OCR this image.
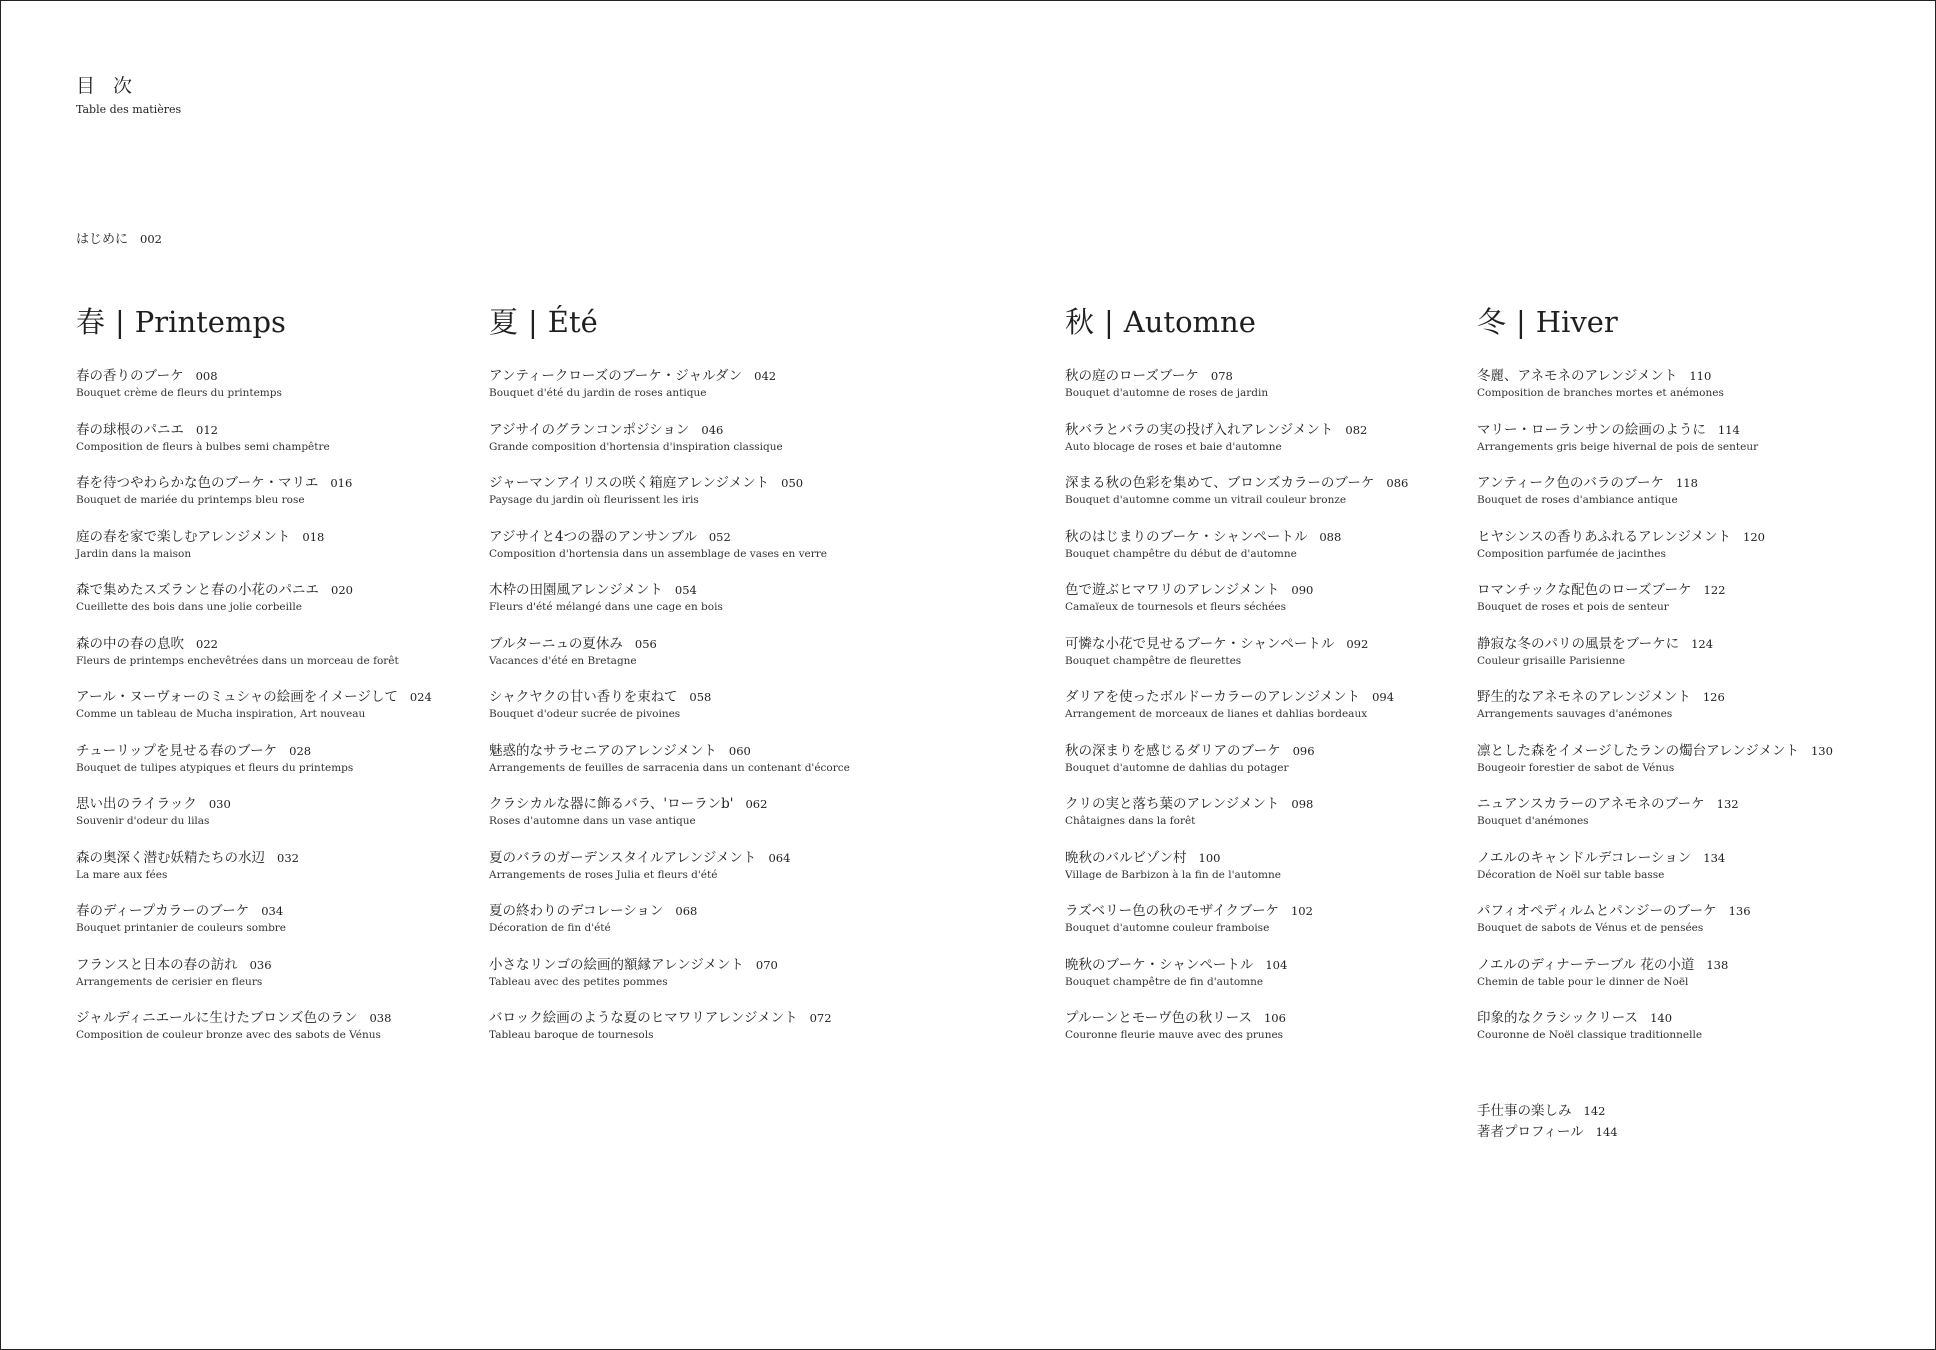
目 次
Table des matières
はじめに 002
春 | Printemps
春の香りのブーケ 008
Bouquet crème de fleurs du printemps
春の球根のパニエ 012
Composition de fleurs à bulbes semi champêtre
春を待つやわらかな色のブーケ・マリエ 016
Bouquet de mariée du printemps bleu rose
庭の春を家で楽しむアレンジメント 018
Jardin dans la maison
森で集めたスズランと春の小花のパニエ 020
Cueillette des bois dans une jolie corbeille
森の中の春の息吹 022
Fleurs de printemps enchevêtrées dans un morceau de forêt
アール・ヌーヴォーのミュシャの絵画をイメージして 024
Comme un tableau de Mucha inspiration, Art nouveau
チューリップを見せる春のブーケ 028
Bouquet de tulipes atypiques et fleurs du printemps
思い出のライラック 030
Souvenir d'odeur du lilas
森の奥深く潜む妖精たちの水辺 032
La mare aux fées
春のディープカラーのブーケ 034
Bouquet printanier de couleurs sombre
フランスと日本の春の訪れ 036
Arrangements de cerisier en fleurs
ジャルディニエールに生けたブロンズ色のラン 038
Composition de couleur bronze avec des sabots de Vénus
夏 | Été
アンティークローズのブーケ・ジャルダン 042
Bouquet d'été du jardin de roses antique
アジサイのグランコンポジション 046
Grande composition d'hortensia d'inspiration classique
ジャーマンアイリスの咲く箱庭アレンジメント 050
Paysage du jardin où fleurissent les iris
アジサイと4つの器のアンサンブル 052
Composition d'hortensia dans un assemblage de vases en verre
木枠の田園風アレンジメント 054
Fleurs d'été mélangé dans une cage en bois
ブルターニュの夏休み 056
Vacances d'été en Bretagne
シャクヤクの甘い香りを束ねて 058
Bouquet d'odeur sucrée de pivoines
魅惑的なサラセニアのアレンジメント 060
Arrangements de feuilles de sarracenia dans un contenant d'écorce
クラシカルな器に飾るバラ、'ローランb' 062
Roses d'automne dans un vase antique
夏のバラのガーデンスタイルアレンジメント 064
Arrangements de roses Julia et fleurs d'été
夏の終わりのデコレーション 068
Décoration de fin d'été
小さなリンゴの絵画的額縁アレンジメント 070
Tableau avec des petites pommes
バロック絵画のような夏のヒマワリアレンジメント 072
Tableau baroque de tournesols
秋 | Automne
秋の庭のローズブーケ 078
Bouquet d'automne de roses de jardin
秋バラとバラの実の投げ入れアレンジメント 082
Auto blocage de roses et baie d'automne
深まる秋の色彩を集めて、ブロンズカラーのブーケ 086
Bouquet d'automne comme un vitrail couleur bronze
秋のはじまりのブーケ・シャンペートル 088
Bouquet champêtre du début de d'automne
色で遊ぶヒマワリのアレンジメント 090
Camaïeux de tournesols et fleurs séchées
可憐な小花で見せるブーケ・シャンペートル 092
Bouquet champêtre de fleurettes
ダリアを使ったボルドーカラーのアレンジメント 094
Arrangement de morceaux de lianes et dahlias bordeaux
秋の深まりを感じるダリアのブーケ 096
Bouquet d'automne de dahlias du potager
クリの実と落ち葉のアレンジメント 098
Châtaignes dans la forêt
晩秋のバルビゾン村 100
Village de Barbizon à la fin de l'automne
ラズベリー色の秋のモザイクブーケ 102
Bouquet d'automne couleur framboise
晩秋のブーケ・シャンペートル 104
Bouquet champêtre de fin d'automne
プルーンとモーヴ色の秋リース 106
Couronne fleurie mauve avec des prunes
冬 | Hiver
冬麗、アネモネのアレンジメント 110
Composition de branches mortes et anémones
マリー・ローランサンの絵画のように 114
Arrangements gris beige hivernal de pois de senteur
アンティーク色のバラのブーケ 118
Bouquet de roses d'ambiance antique
ヒヤシンスの香りあふれるアレンジメント 120
Composition parfumée de jacinthes
ロマンチックな配色のローズブーケ 122
Bouquet de roses et pois de senteur
静寂な冬のパリの風景をブーケに 124
Couleur grisaille Parisienne
野生的なアネモネのアレンジメント 126
Arrangements sauvages d'anémones
凛とした森をイメージしたランの燭台アレンジメント 130
Bougeoir forestier de sabot de Vénus
ニュアンスカラーのアネモネのブーケ 132
Bouquet d'anémones
ノエルのキャンドルデコレーション 134
Décoration de Noël sur table basse
パフィオペディルムとパンジーのブーケ 136
Bouquet de sabots de Vénus et de pensées
ノエルのディナーテーブル 花の小道 138
Chemin de table pour le dinner de Noël
印象的なクラシックリース 140
Couronne de Noël classique traditionnelle
手仕事の楽しみ 142
著者プロフィール 144
